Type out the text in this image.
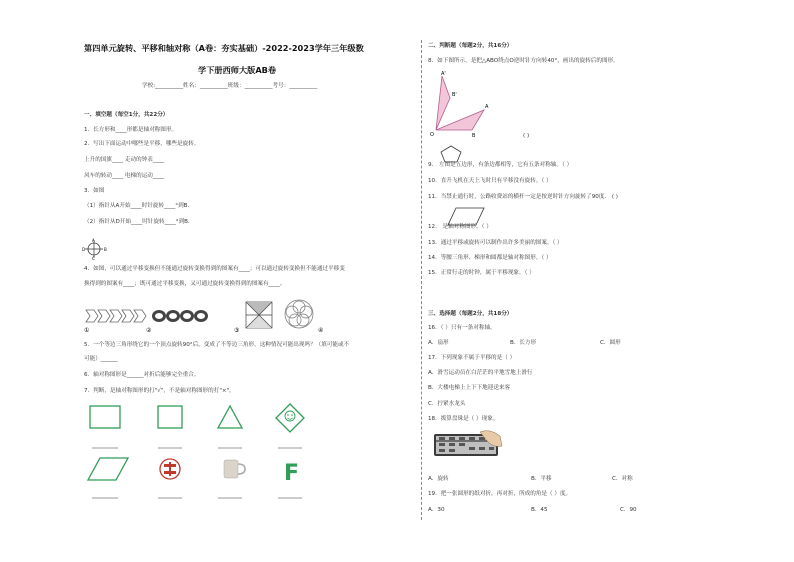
第四单元旋转、平移和轴对称（A卷：夯实基础）-2022-2023学年三年级数
学下册西师大版AB卷
学校:__________姓名：__________班级：__________考号：__________
一、填空题（每空1分，共22分）
1．长方形和____形都是轴对称图形。
2．写出下面运动中哪些是平移，哪些是旋转。
上升的国旗____ 走动的钟表____
风车的转动____ 电梯的运动____
3．如图
（1）指针从A开始____时针旋转____°到B．
（2）指针从D开始____时针旋转____°到B．
A
B
C
D
4．如图，可以通过平移变换但不能通过旋转变换得到的图案有____；可以通过旋转变换但不能通过平移变
换得到的图案有____；既可通过平移变换，又可通过旋转变换得到的图案有____。
①	②	③	④
5．一个等边三角形绕它的一个顶点旋转90°后，变成了不等边三角形，这种情况可能出现吗？（填可能或不
可能）______
6．轴对称图形是______对折后能够完全重合。
7．判断，是轴对称图形的打"√"，不是轴对称图形的打"×"。
F
二、判断题（每题2分，共16分）
8．如下图所示，是把△ABO绕点O逆时针方向转40°，画出的旋转后的图形。
A'
B'
A
O	B	( )
9． 左图是五边形，有条边都相等，它有五条对称轴。（ ）
10．直升飞机在天上飞时只有平移没有旋转。（ ）
11．当禁止通行时，公路收费站的横杆一定是按逆时针方向旋转了90度． ( )
12． 是轴对称图形。（ ）
13．通过平移或旋转可以制作出许多美丽的图案。（ ）
14．等腰三角形、梯形和圆都是轴对称图形。（ ）
15．正常行走的时钟，属于平移现象。（ ）
三、选择题（每题2分，共18分）
16．（ ）只有一条对称轴。
A．扇形	B．长方形	C．圆形
17．下列现象不属于平移的是（ ）
A．滑雪运动员在白茫茫的平地雪地上滑行
B．大楼电梯上上下下地迎送来客
C．拧紧水龙头
18．拨算盘珠是（ ）现象。
A．旋转	B．平移	C．对称
19．把一张圆形的纸对折，再对折，所成的角是（ ）度。
A．30	B．45	C．90
